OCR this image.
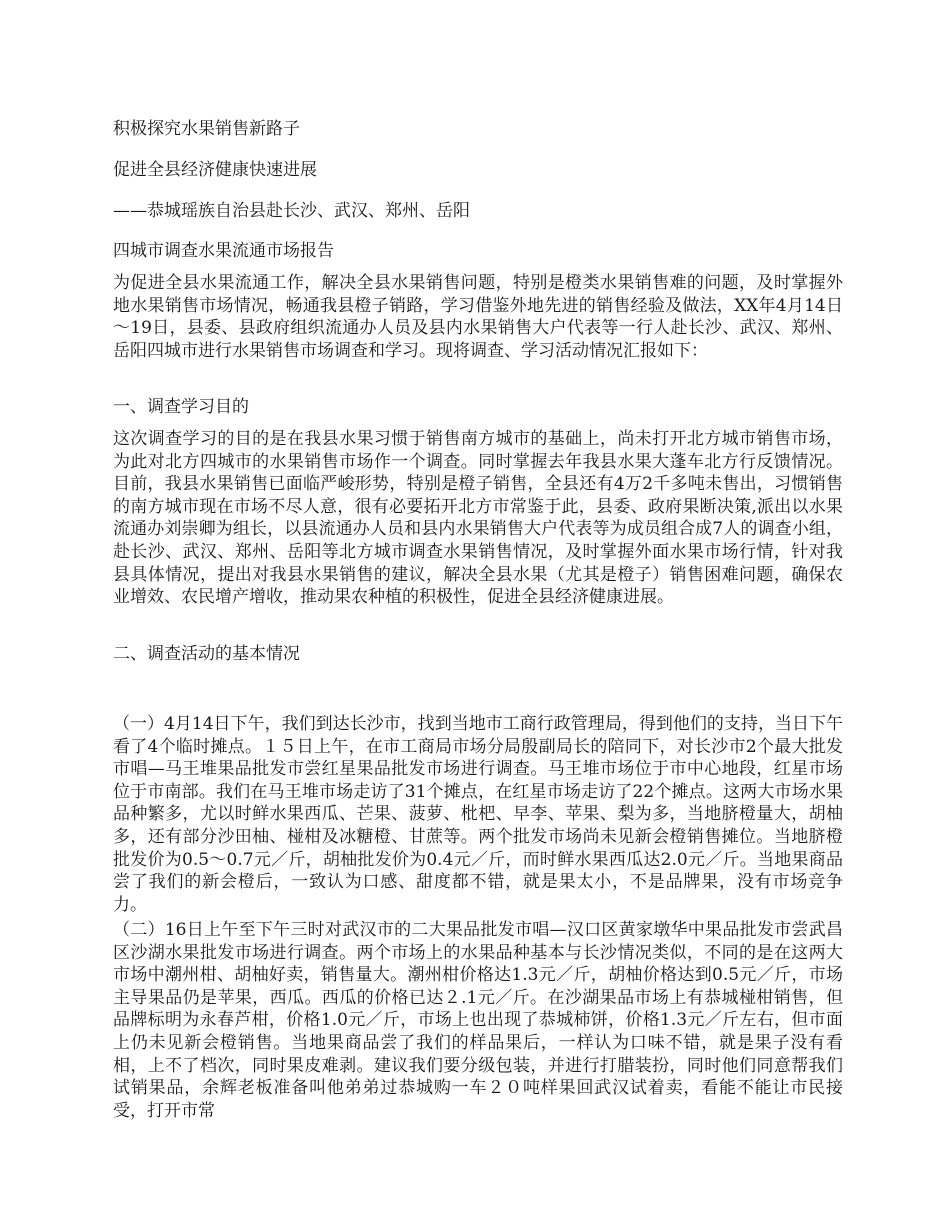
积极探究水果销售新路子

促进全县经济健康快速进展

——恭城瑶族自治县赴长沙、武汉、郑州、岳阳

四城市调查水果流通市场报告

为促进全县水果流通工作，解决全县水果销售问题，特别是橙类水果销售难的问题，及时掌握外地水果销售市场情况，畅通我县橙子销路，学习借鉴外地先进的销售经验及做法，XX年4月14日～19日，县委、县政府组织流通办人员及县内水果销售大户代表等一行人赴长沙、武汉、郑州、岳阳四城市进行水果销售市场调查和学习。现将调查、学习活动情况汇报如下：

一、调查学习目的

这次调查学习的目的是在我县水果习惯于销售南方城市的基础上，尚未打开北方城市销售市场，为此对北方四城市的水果销售市场作一个调查。同时掌握去年我县水果大蓬车北方行反馈情况。目前，我县水果销售已面临严峻形势，特别是橙子销售，全县还有4万2千多吨未售出，习惯销售的南方城市现在市场不尽人意，很有必要拓开北方市常鉴于此，县委、政府果断决策,派出以水果流通办刘崇卿为组长，以县流通办人员和县内水果销售大户代表等为成员组合成7人的调查小组，赴长沙、武汉、郑州、岳阳等北方城市调查水果销售情况，及时掌握外面水果市场行情，针对我县具体情况，提出对我县水果销售的建议，解决全县水果（尤其是橙子）销售困难问题，确保农业增效、农民增产增收，推动果农种植的积极性，促进全县经济健康进展。

二、调查活动的基本情况

（一）4月14日下午，我们到达长沙市，找到当地市工商行政管理局，得到他们的支持，当日下午看了4个临时摊点。１５日上午，在市工商局市场分局殷副局长的陪同下，对长沙市2个最大批发市唱—马王堆果品批发市尝红星果品批发市场进行调查。马王堆市场位于市中心地段，红星市场位于市南部。我们在马王堆市场走访了31个摊点，在红星市场走访了22个摊点。这两大市场水果品种繁多，尤以时鲜水果西瓜、芒果、菠萝、枇杷、早李、苹果、梨为多，当地脐橙量大，胡柚多，还有部分沙田柚、椪柑及冰糖橙、甘蔗等。两个批发市场尚未见新会橙销售摊位。当地脐橙批发价为0.5～0.7元／斤，胡柚批发价为0.4元／斤，而时鲜水果西瓜达2.0元／斤。当地果商品尝了我们的新会橙后，一致认为口感、甜度都不错，就是果太小，不是品牌果，没有市场竞争力。

（二）16日上午至下午三时对武汉市的二大果品批发市唱—汉口区黄家墩华中果品批发市尝武昌区沙湖水果批发市场进行调查。两个市场上的水果品种基本与长沙情况类似，不同的是在这两大市场中潮州柑、胡柚好卖，销售量大。潮州柑价格达1.3元／斤，胡柚价格达到0.5元／斤，市场主导果品仍是苹果，西瓜。西瓜的价格已达２.1元／斤。在沙湖果品市场上有恭城椪柑销售，但品牌标明为永春芦柑，价格1.0元／斤，市场上也出现了恭城柿饼，价格1.3元／斤左右，但市面上仍未见新会橙销售。当地果商品尝了我们的样品果后，一样认为口味不错，就是果子没有看相，上不了档次，同时果皮难剥。建议我们要分级包装，并进行打腊装扮，同时他们同意帮我们试销果品，余辉老板准备叫他弟弟过恭城购一车２０吨样果回武汉试着卖，看能不能让市民接受，打开市常
